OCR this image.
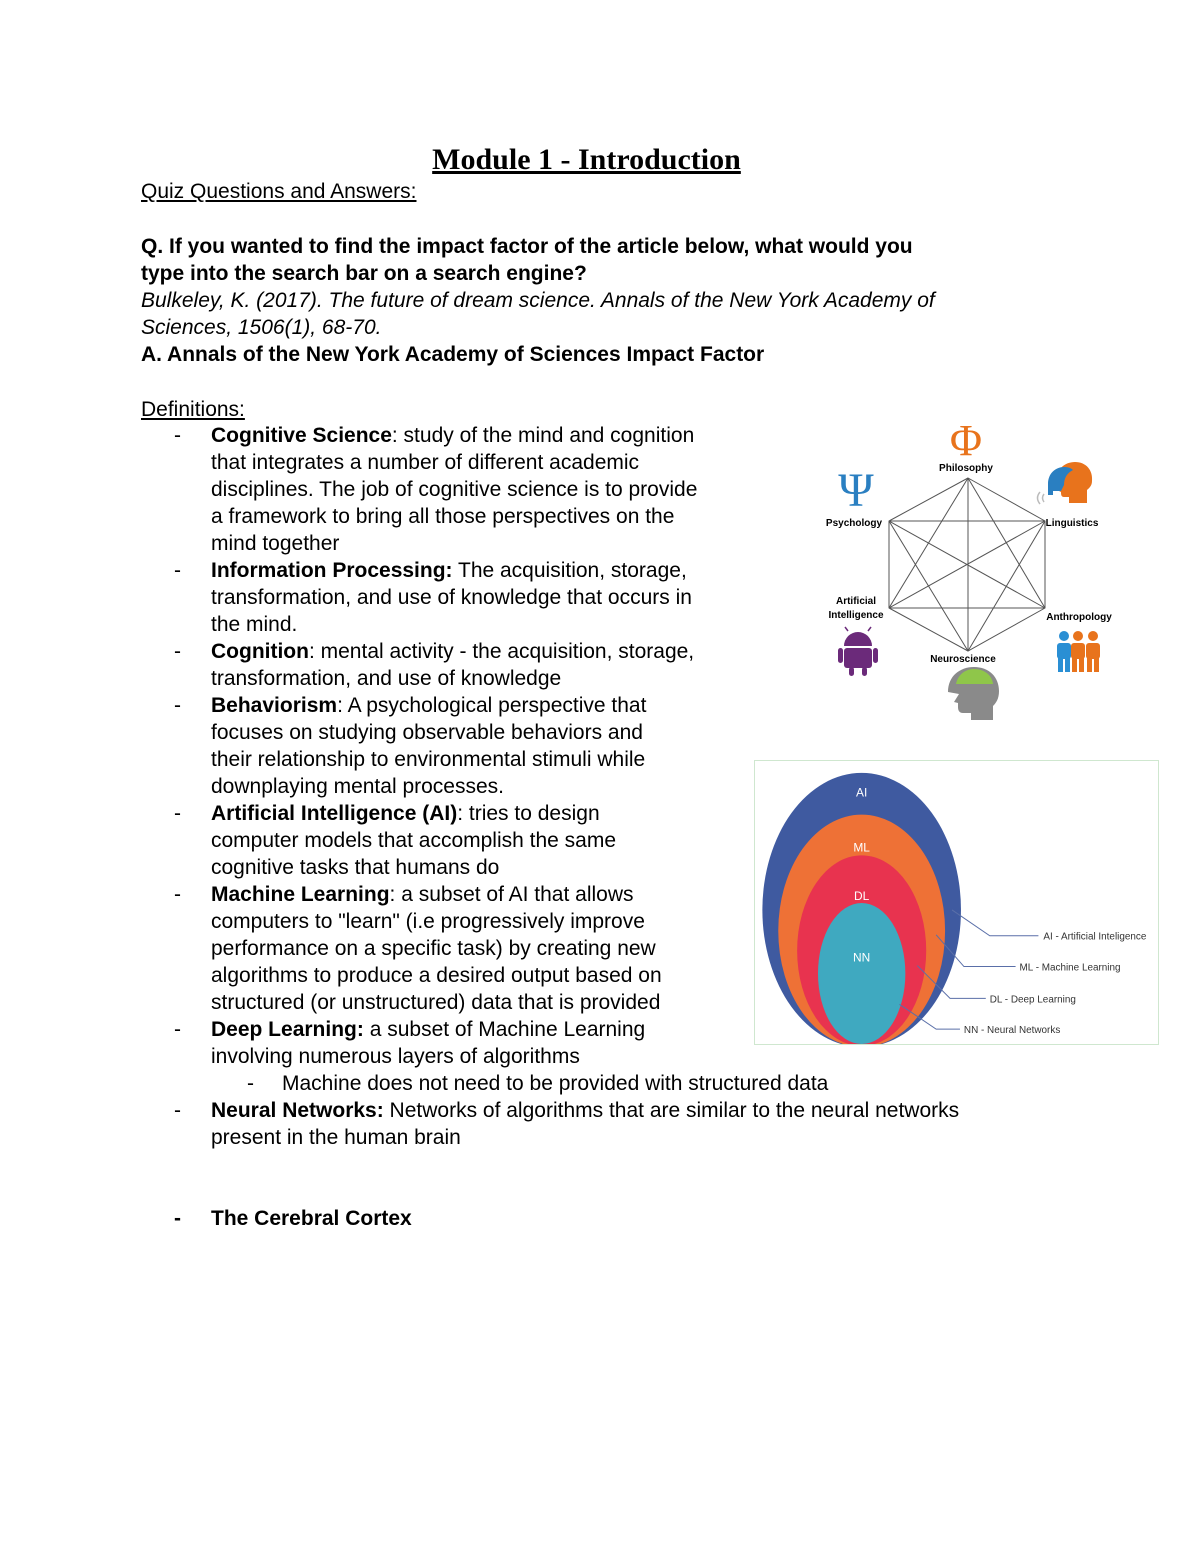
Module 1 - Introduction
Quiz Questions and Answers:
Q. If you wanted to find the impact factor of the article below, what would you
type into the search bar on a search engine?
Bulkeley, K. (2017). The future of dream science. Annals of the New York Academy of
Sciences, 1506(1), 68-70.
A. Annals of the New York Academy of Sciences Impact Factor
Definitions:
- Cognitive Science: study of the mind and cognition
that integrates a number of different academic
disciplines. The job of cognitive science is to provide
a framework to bring all those perspectives on the
mind together
- Information Processing: The acquisition, storage,
transformation, and use of knowledge that occurs in
the mind.
- Cognition: mental activity - the acquisition, storage,
transformation, and use of knowledge
- Behaviorism: A psychological perspective that
focuses on studying observable behaviors and
their relationship to environmental stimuli while
downplaying mental processes.
- Artificial Intelligence (AI): tries to design
computer models that accomplish the same
cognitive tasks that humans do
- Machine Learning: a subset of AI that allows
computers to "learn" (i.e progressively improve
performance on a specific task) by creating new
algorithms to produce a desired output based on
structured (or unstructured) data that is provided
- Deep Learning: a subset of Machine Learning
involving numerous layers of algorithms
- Machine does not need to be provided with structured data
- Neural Networks: Networks of algorithms that are similar to the neural networks
present in the human brain
- The Cerebral Cortex
Φ
Philosophy
Ψ
Psychology	Linguistics
Artificial
Intelligence	Anthropology
Neuroscience
AI
ML
DL
NN
AI - Artificial Inteligence
ML - Machine Learning
DL - Deep Learning
NN - Neural Networks
